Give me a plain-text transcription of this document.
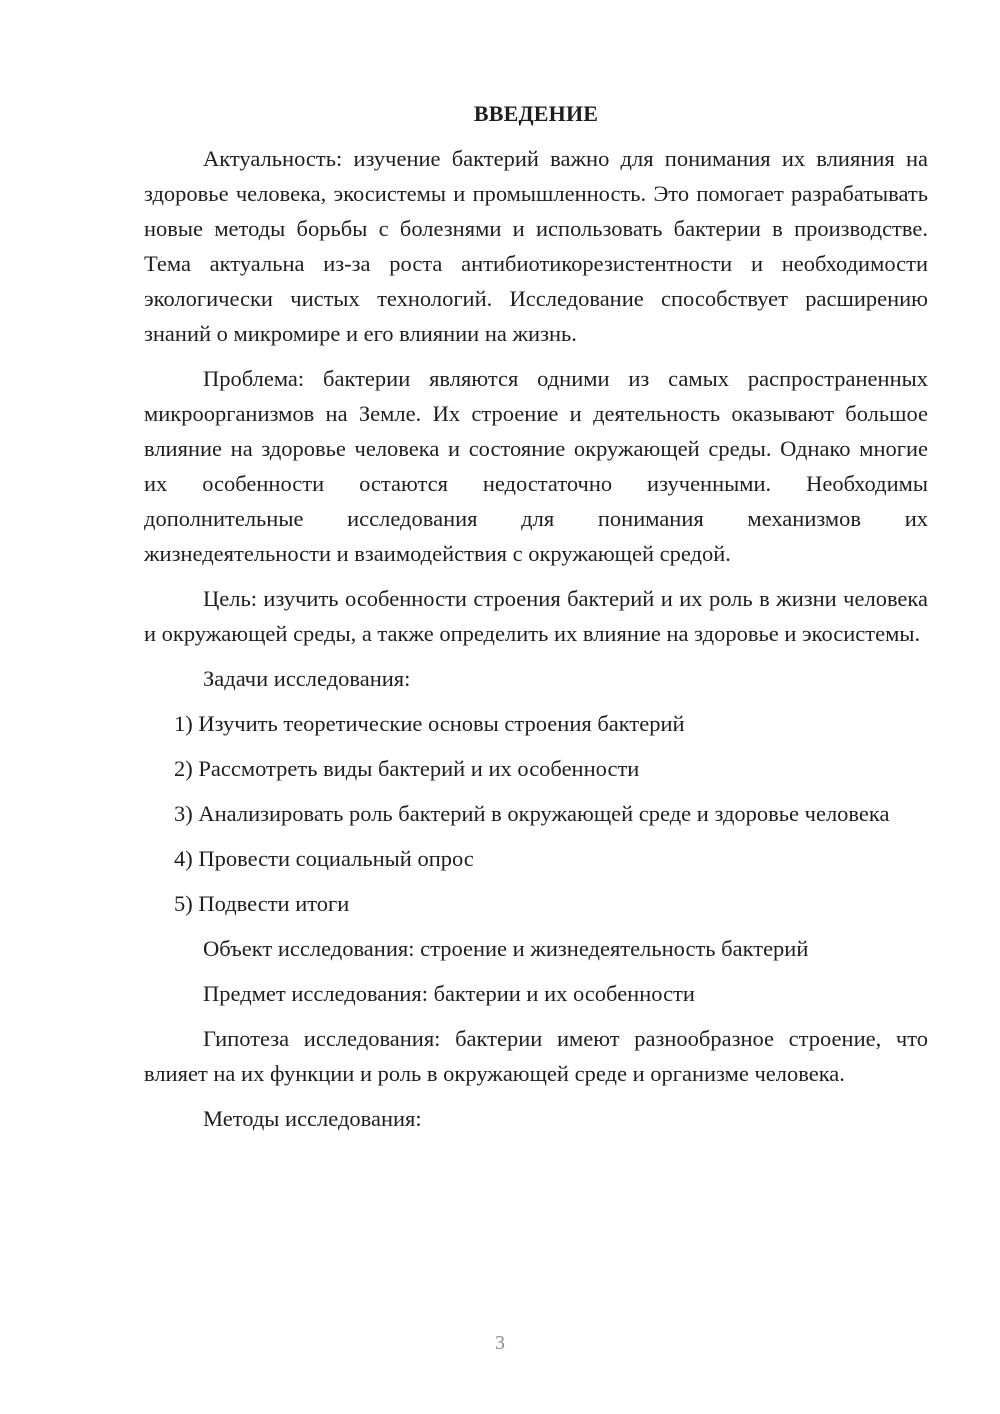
ВВЕДЕНИЕ

Актуальность: изучение бактерий важно для понимания их влияния на здоровье человека, экосистемы и промышленность. Это помогает разрабатывать новые методы борьбы с болезнями и использовать бактерии в производстве. Тема актуальна из-за роста антибиотикорезистентности и необходимости экологически чистых технологий. Исследование способствует расширению знаний о микромире и его влиянии на жизнь.

Проблема: бактерии являются одними из самых распространенных микроорганизмов на Земле. Их строение и деятельность оказывают большое влияние на здоровье человека и состояние окружающей среды. Однако многие их особенности остаются недостаточно изученными. Необходимы дополнительные исследования для понимания механизмов их жизнедеятельности и взаимодействия с окружающей средой.

Цель: изучить особенности строения бактерий и их роль в жизни человека и окружающей среды, а также определить их влияние на здоровье и экосистемы.

Задачи исследования:

1) Изучить теоретические основы строения бактерий

2) Рассмотреть виды бактерий и их особенности

3) Анализировать роль бактерий в окружающей среде и здоровье человека

4) Провести социальный опрос

5) Подвести итоги

Объект исследования: строение и жизнедеятельность бактерий

Предмет исследования: бактерии и их особенности

Гипотеза исследования: бактерии имеют разнообразное строение, что влияет на их функции и роль в окружающей среде и организме человека.

Методы исследования:

3
